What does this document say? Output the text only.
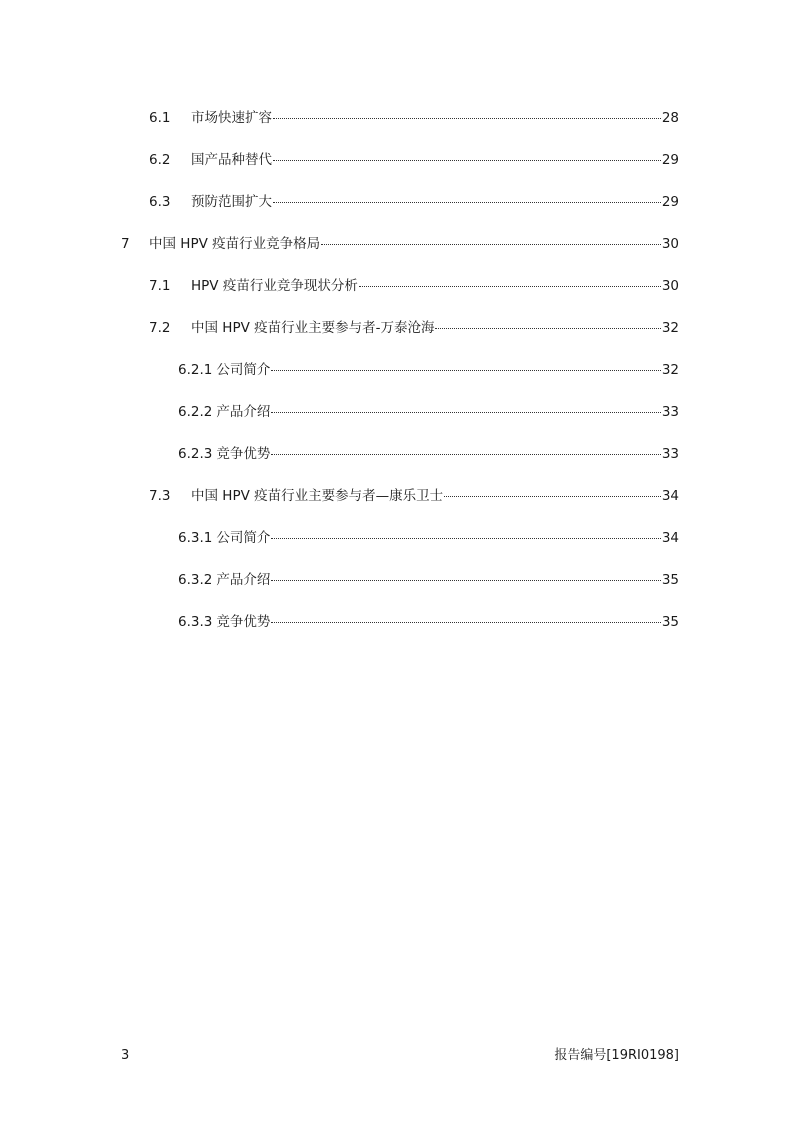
6.1	市场快速扩容	28
6.2	国产品种替代	29
6.3	预防范围扩大	29
7	中国 HPV 疫苗行业竞争格局	30
7.1	HPV 疫苗行业竞争现状分析	30
7.2	中国 HPV 疫苗行业主要参与者-万泰沧海	32
6.2.1 公司简介	32
6.2.2 产品介绍	33
6.2.3 竞争优势	33
7.3	中国 HPV 疫苗行业主要参与者—康乐卫士	34
6.3.1 公司简介	34
6.3.2 产品介绍	35
6.3.3 竞争优势	35
3	报告编号[19RI0198]
